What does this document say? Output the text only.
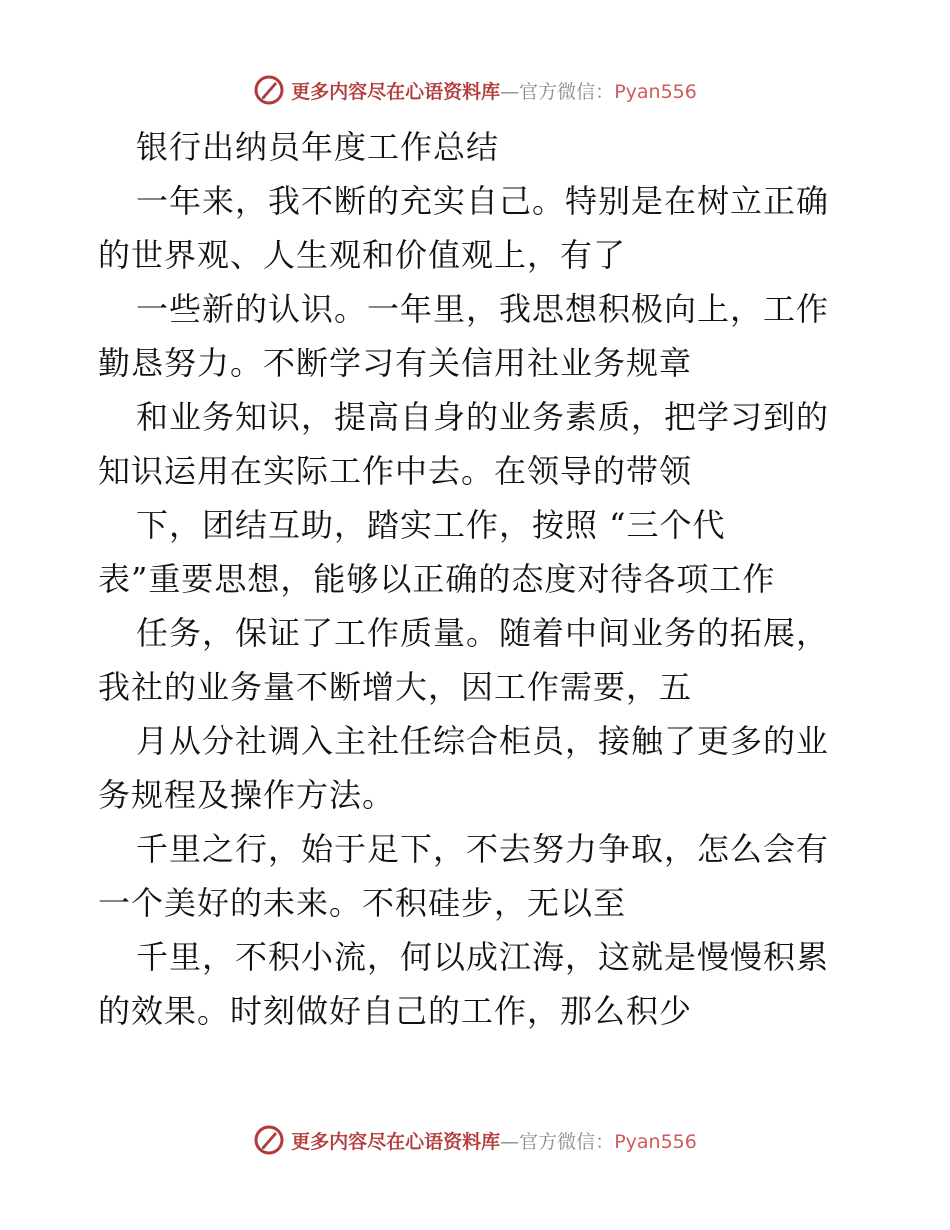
更多内容尽在心语资料库—官方微信：Pyan556
银行出纳员年度工作总结
一年来，我不断的充实自己。特别是在树立正确
的世界观、人生观和价值观上，有了
一些新的认识。一年里，我思想积极向上，工作
勤恳努力。不断学习有关信用社业务规章
和业务知识，提高自身的业务素质，把学习到的
知识运用在实际工作中去。在领导的带领
下，团结互助，踏实工作，按照 “三个代
表”重要思想，能够以正确的态度对待各项工作
任务，保证了工作质量。随着中间业务的拓展，
我社的业务量不断增大，因工作需要，五
月从分社调入主社任综合柜员，接触了更多的业
务规程及操作方法。
千里之行，始于足下，不去努力争取，怎么会有
一个美好的未来。不积硅步，无以至
千里，不积小流，何以成江海，这就是慢慢积累
的效果。时刻做好自己的工作，那么积少
更多内容尽在心语资料库—官方微信：Pyan556
